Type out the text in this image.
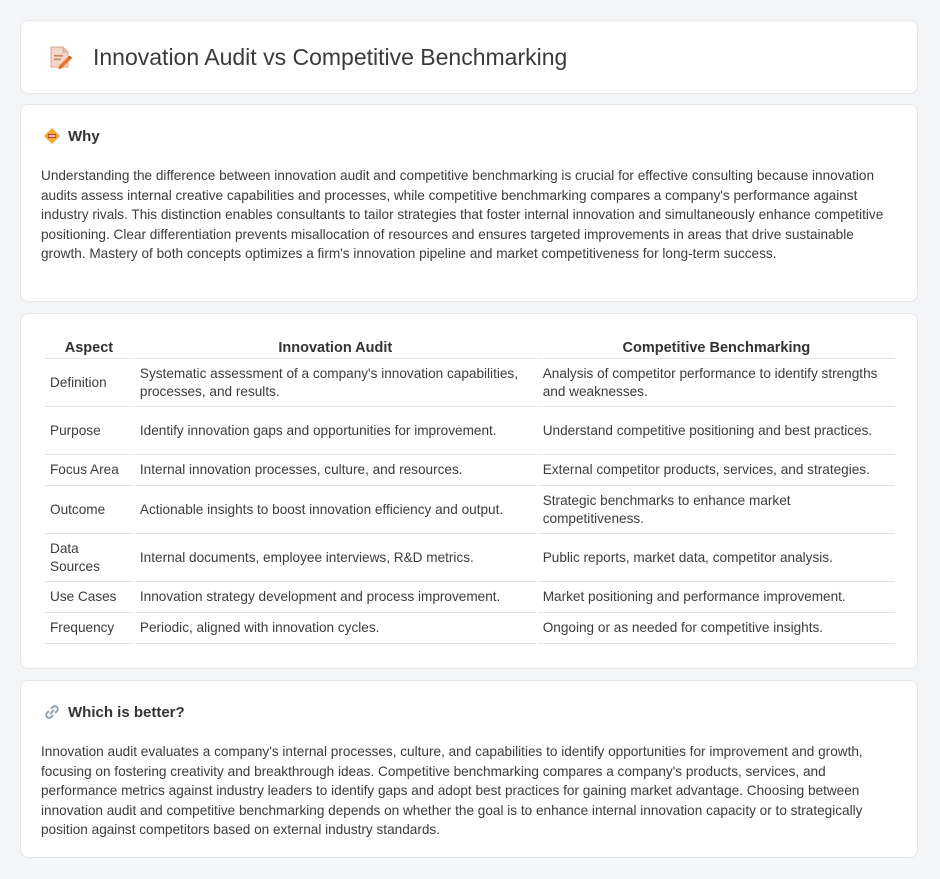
Innovation Audit vs Competitive Benchmarking
Why

Understanding the difference between innovation audit and competitive benchmarking is crucial for effective consulting because innovation audits assess internal creative capabilities and processes, while competitive benchmarking compares a company's performance against industry rivals. This distinction enables consultants to tailor strategies that foster internal innovation and simultaneously enhance competitive positioning. Clear differentiation prevents misallocation of resources and ensures targeted improvements in areas that drive sustainable growth. Mastery of both concepts optimizes a firm's innovation pipeline and market competitiveness for long-term success.

Aspect	Innovation Audit	Competitive Benchmarking
Definition	Systematic assessment of a company's innovation capabilities, processes, and results.	Analysis of competitor performance to identify strengths and weaknesses.
Purpose	Identify innovation gaps and opportunities for improvement.	Understand competitive positioning and best practices.
Focus Area	Internal innovation processes, culture, and resources.	External competitor products, services, and strategies.
Outcome	Actionable insights to boost innovation efficiency and output.	Strategic benchmarks to enhance market competitiveness.
Data Sources	Internal documents, employee interviews, R&D metrics.	Public reports, market data, competitor analysis.
Use Cases	Innovation strategy development and process improvement.	Market positioning and performance improvement.
Frequency	Periodic, aligned with innovation cycles.	Ongoing or as needed for competitive insights.
Which is better?

Innovation audit evaluates a company's internal processes, culture, and capabilities to identify opportunities for improvement and growth, focusing on fostering creativity and breakthrough ideas. Competitive benchmarking compares a company's products, services, and performance metrics against industry leaders to identify gaps and adopt best practices for gaining market advantage. Choosing between innovation audit and competitive benchmarking depends on whether the goal is to enhance internal innovation capacity or to strategically position against competitors based on external industry standards.
